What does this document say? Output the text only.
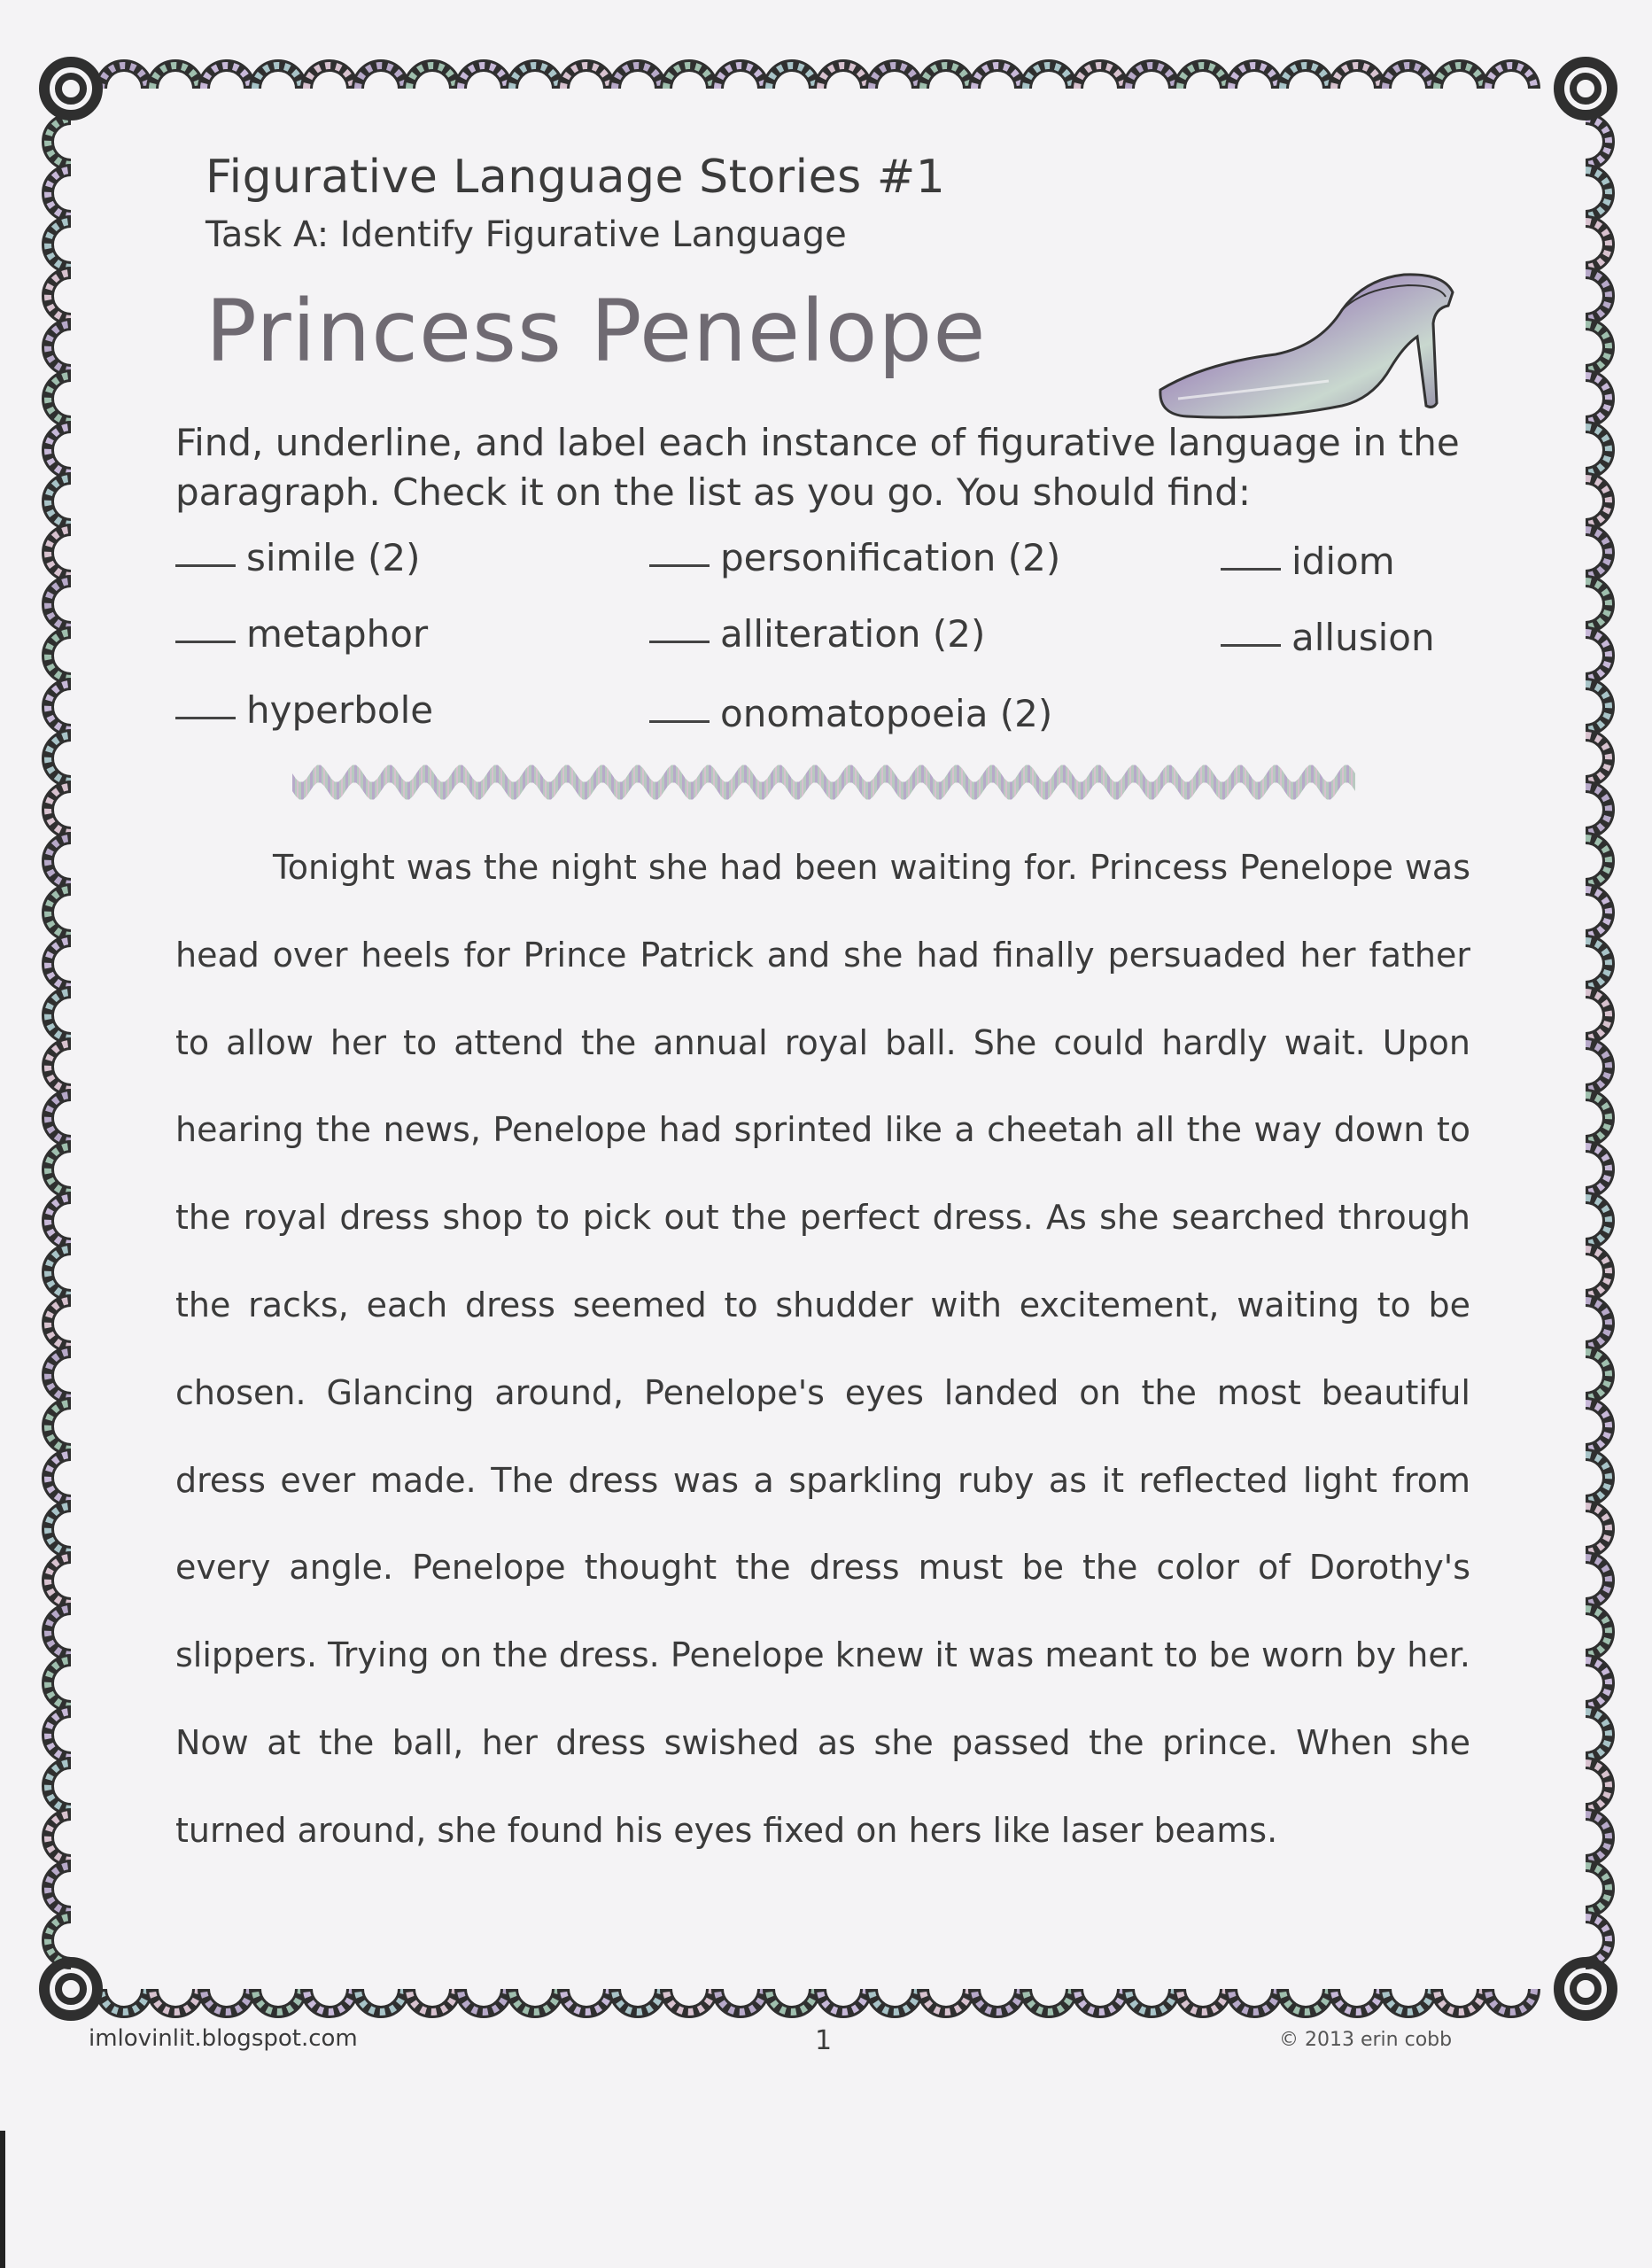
Figurative Language Stories #1
Task A: Identify Figurative Language
Princess Penelope
Find, underline, and label each instance of figurative language in the paragraph. Check it on the list as you go. You should find:
simile (2)	personification (2)	idiom
metaphor	alliteration (2)	allusion
hyperbole	onomatopoeia (2)
Tonight was the night she had been waiting for. Princess Penelope was head over heels for Prince Patrick and she had finally persuaded her father to allow her to attend the annual royal ball. She could hardly wait. Upon hearing the news, Penelope had sprinted like a cheetah all the way down to the royal dress shop to pick out the perfect dress. As she searched through the racks, each dress seemed to shudder with excitement, waiting to be chosen. Glancing around, Penelope's eyes landed on the most beautiful dress ever made. The dress was a sparkling ruby as it reflected light from every angle. Penelope thought the dress must be the color of Dorothy's slippers. Trying on the dress. Penelope knew it was meant to be worn by her. Now at the ball, her dress swished as she passed the prince. When she turned around, she found his eyes fixed on hers like laser beams.
imlovinlit.blogspot.com	1	© 2013 erin cobb
